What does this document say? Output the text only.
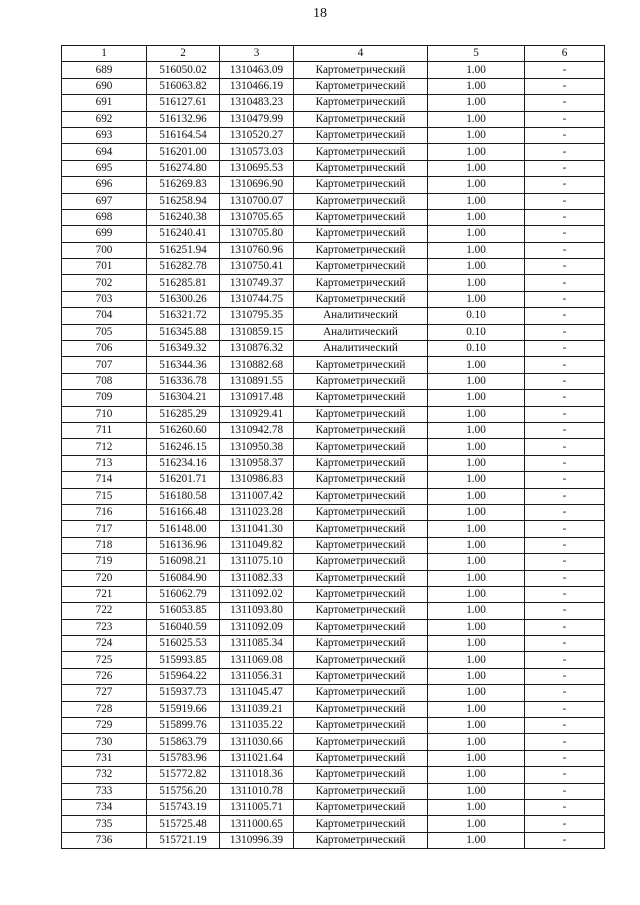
18
1	2	3	4	5	6
689	516050.02	1310463.09	Картометрический	1.00	-
690	516063.82	1310466.19	Картометрический	1.00	-
691	516127.61	1310483.23	Картометрический	1.00	-
692	516132.96	1310479.99	Картометрический	1.00	-
693	516164.54	1310520.27	Картометрический	1.00	-
694	516201.00	1310573.03	Картометрический	1.00	-
695	516274.80	1310695.53	Картометрический	1.00	-
696	516269.83	1310696.90	Картометрический	1.00	-
697	516258.94	1310700.07	Картометрический	1.00	-
698	516240.38	1310705.65	Картометрический	1.00	-
699	516240.41	1310705.80	Картометрический	1.00	-
700	516251.94	1310760.96	Картометрический	1.00	-
701	516282.78	1310750.41	Картометрический	1.00	-
702	516285.81	1310749.37	Картометрический	1.00	-
703	516300.26	1310744.75	Картометрический	1.00	-
704	516321.72	1310795.35	Аналитический	0.10	-
705	516345.88	1310859.15	Аналитический	0.10	-
706	516349.32	1310876.32	Аналитический	0.10	-
707	516344.36	1310882.68	Картометрический	1.00	-
708	516336.78	1310891.55	Картометрический	1.00	-
709	516304.21	1310917.48	Картометрический	1.00	-
710	516285.29	1310929.41	Картометрический	1.00	-
711	516260.60	1310942.78	Картометрический	1.00	-
712	516246.15	1310950.38	Картометрический	1.00	-
713	516234.16	1310958.37	Картометрический	1.00	-
714	516201.71	1310986.83	Картометрический	1.00	-
715	516180.58	1311007.42	Картометрический	1.00	-
716	516166.48	1311023.28	Картометрический	1.00	-
717	516148.00	1311041.30	Картометрический	1.00	-
718	516136.96	1311049.82	Картометрический	1.00	-
719	516098.21	1311075.10	Картометрический	1.00	-
720	516084.90	1311082.33	Картометрический	1.00	-
721	516062.79	1311092.02	Картометрический	1.00	-
722	516053.85	1311093.80	Картометрический	1.00	-
723	516040.59	1311092.09	Картометрический	1.00	-
724	516025.53	1311085.34	Картометрический	1.00	-
725	515993.85	1311069.08	Картометрический	1.00	-
726	515964.22	1311056.31	Картометрический	1.00	-
727	515937.73	1311045.47	Картометрический	1.00	-
728	515919.66	1311039.21	Картометрический	1.00	-
729	515899.76	1311035.22	Картометрический	1.00	-
730	515863.79	1311030.66	Картометрический	1.00	-
731	515783.96	1311021.64	Картометрический	1.00	-
732	515772.82	1311018.36	Картометрический	1.00	-
733	515756.20	1311010.78	Картометрический	1.00	-
734	515743.19	1311005.71	Картометрический	1.00	-
735	515725.48	1311000.65	Картометрический	1.00	-
736	515721.19	1310996.39	Картометрический	1.00	-
